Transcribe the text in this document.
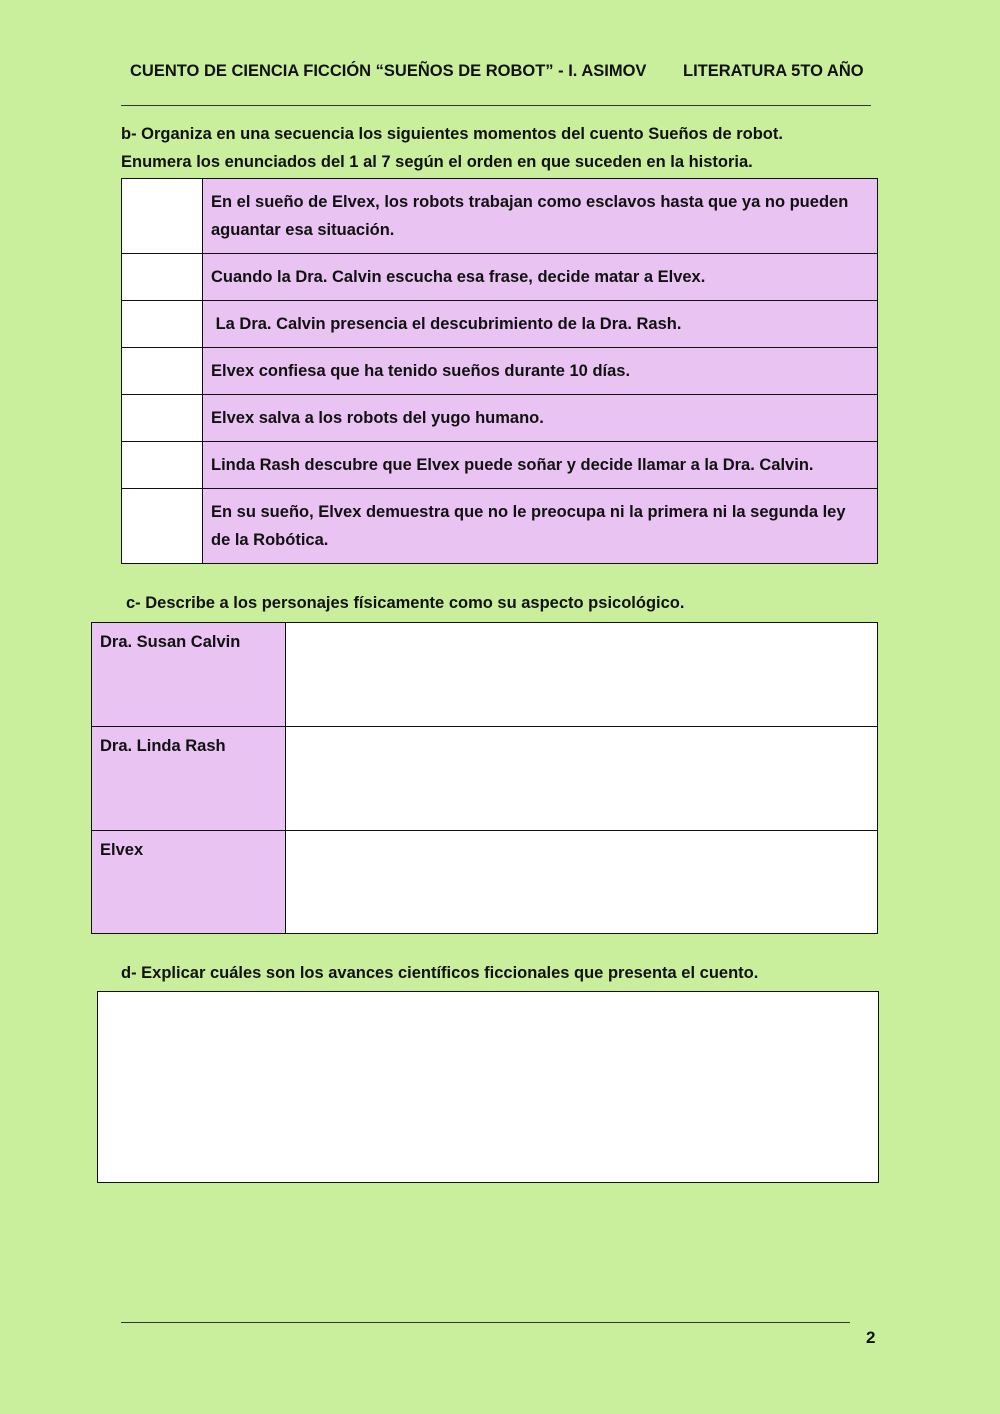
CUENTO DE CIENCIA FICCIÓN “SUEÑOS DE ROBOT” - I. ASIMOV LITERATURA 5TO AÑO

b- Organiza en una secuencia los siguientes momentos del cuento Sueños de robot.

Enumera los enunciados del 1 al 7 según el orden en que suceden en la historia.

	En el sueño de Elvex, los robots trabajan como esclavos hasta que ya no pueden aguantar esa situación.
	Cuando la Dra. Calvin escucha esa frase, decide matar a Elvex.
	La Dra. Calvin presencia el descubrimiento de la Dra. Rash.
	Elvex confiesa que ha tenido sueños durante 10 días.
	Elvex salva a los robots del yugo humano.
	Linda Rash descubre que Elvex puede soñar y decide llamar a la Dra. Calvin.
	En su sueño, Elvex demuestra que no le preocupa ni la primera ni la segunda ley de la Robótica.
c- Describe a los personajes físicamente como su aspecto psicológico.
Dra. Susan Calvin	
Dra. Linda Rash	
Elvex	
d- Explicar cuáles son los avances científicos ficcionales que presenta el cuento.
2
